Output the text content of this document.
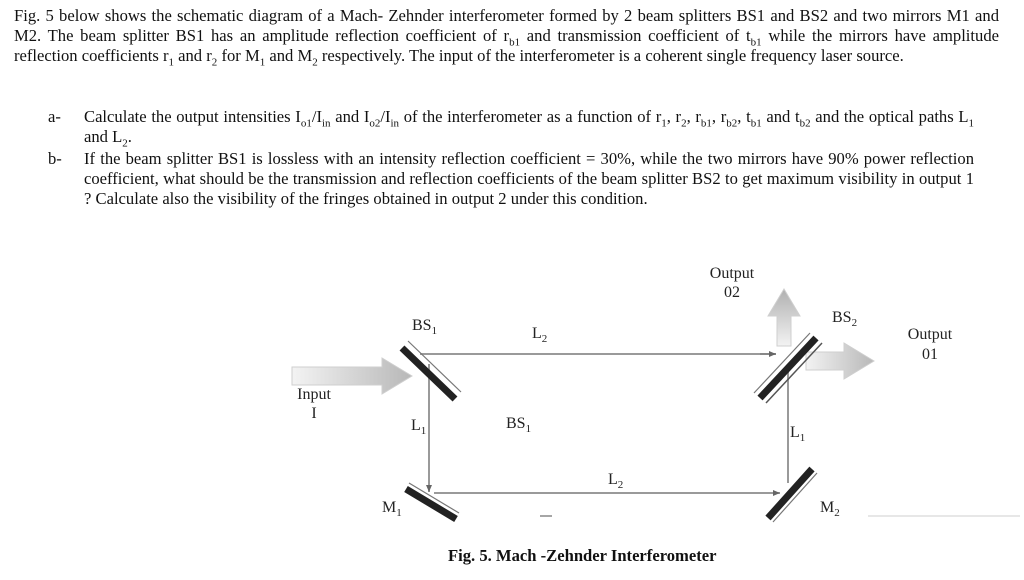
Fig. 5 below shows the schematic diagram of a Mach- Zehnder interferometer formed by 2 beam splitters BS1 and BS2 and two mirrors M1 and M2. The beam splitter BS1 has an amplitude reflection coefficient of $r_{b1}$ and transmission coefficient of $t_{b1}$ while the mirrors have amplitude reflection coefficients $r_1$ and $r_2$ for $M_1$ and $M_2$ respectively. The input of the interferometer is a coherent single frequency laser source.
a-	Calculate the output intensities $I_{o1}/I_{in}$ and $I_{o2}/I_{in}$ of the interferometer as a function of $r_1$, $r_2$, $r_{b1}$, $r_{b2}$, $t_{b1}$ and $t_{b2}$ and the optical paths $L_1$ and $L_2$.
b-	If the beam splitter BS1 is lossless with an intensity reflection coefficient = 30%, while the two mirrors have 90% power reflection coefficient, what should be the transmission and reflection coefficients of the beam splitter BS2 to get maximum visibility in output 1 ? Calculate also the visibility of the fringes obtained in output 2 under this condition.
Output
02
Output
01
Input
I
$BS_1$
$BS_2$
$BS_1$
$M_1$	$M_2$
$L_2$
$L_2$
$L_1$	$L_1$
Fig. 5. Mach -Zehnder Interferometer
